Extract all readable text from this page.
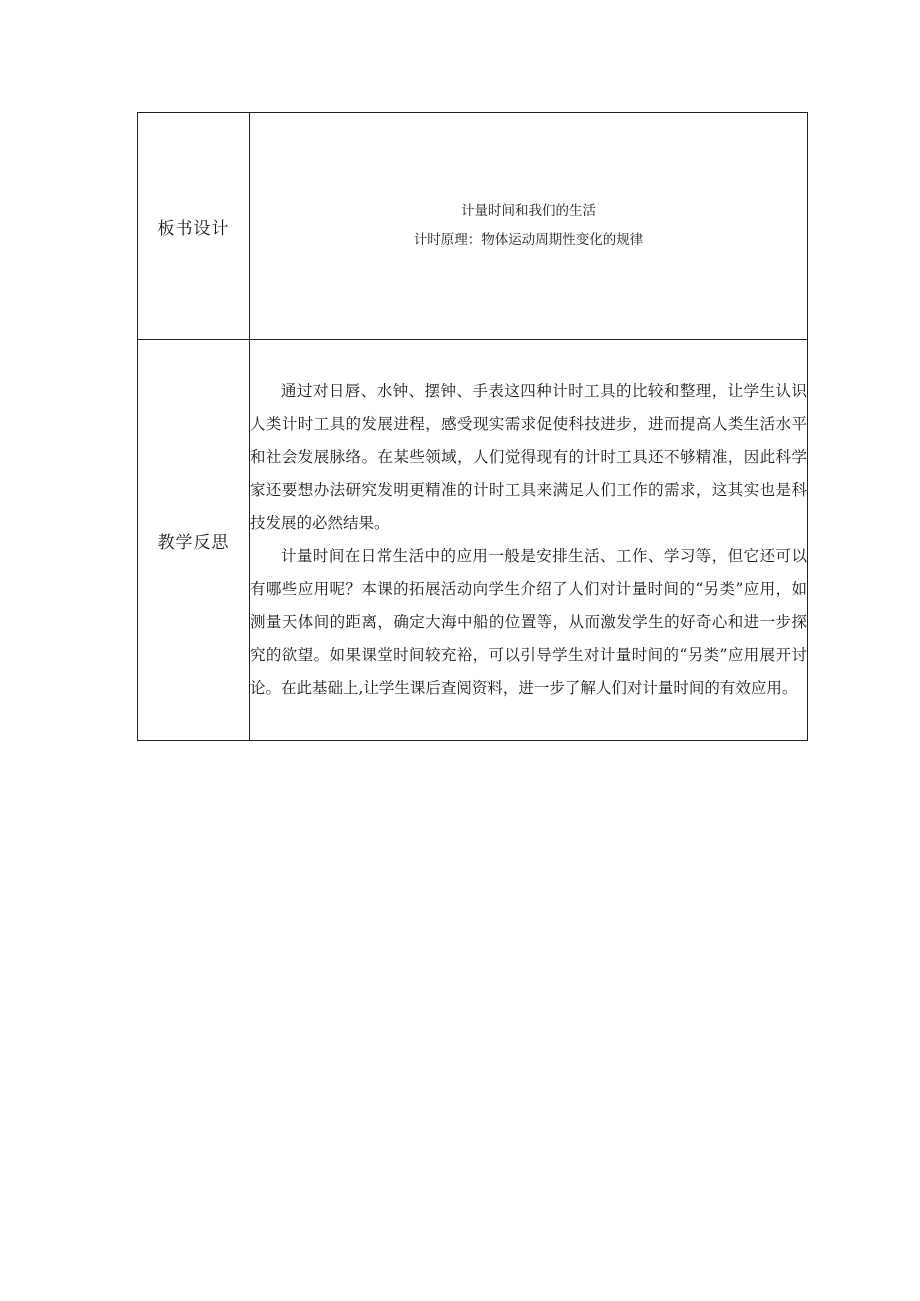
板书设计	计量时间和我们的生活
计时原理：物体运动周期性变化的规律

教学反思	通过对日唇、水钟、摆钟、手表这四种计时工具的比较和整理，让学生认识人类计时工具的发展进程，感受现实需求促使科技进步，进而提高人类生活水平和社会发展脉络。在某些领域，人们觉得现有的计时工具还不够精准，因此科学家还要想办法研究发明更精准的计时工具来满足人们工作的需求，这其实也是科技发展的必然结果。

计量时间在日常生活中的应用一般是安排生活、工作、学习等，但它还可以有哪些应用呢？本课的拓展活动向学生介绍了人们对计量时间的“另类”应用，如测量天体间的距离，确定大海中船的位置等，从而激发学生的好奇心和进一步探究的欲望。如果课堂时间较充裕，可以引导学生对计量时间的“另类”应用展开讨论。在此基础上,让学生课后查阅资料，进一步了解人们对计量时间的有效应用。
